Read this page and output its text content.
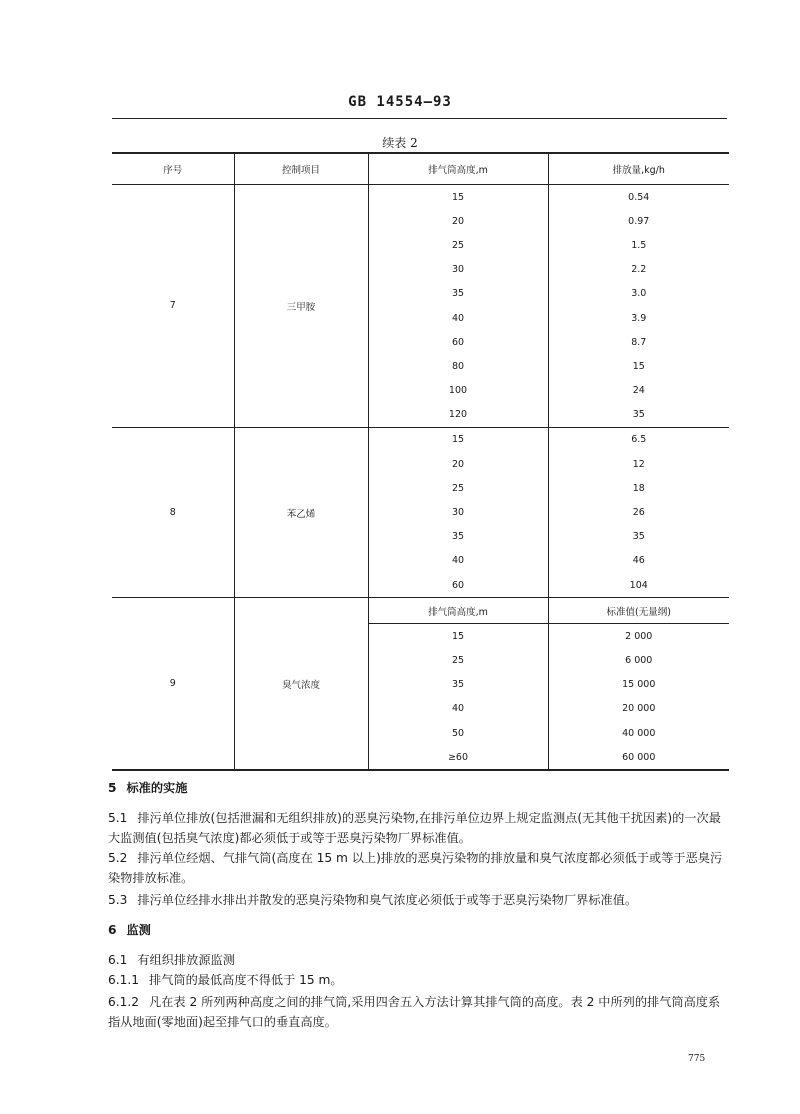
GB 14554—93
续表 2
序号	控制项目	排气筒高度,m	排放量,kg/h
7	三甲胺	15	0.54
		20	0.97
		25	1.5
		30	2.2
		35	3.0
		40	3.9
		60	8.7
		80	15
		100	24
		120	35
8	苯乙烯	15	6.5
		20	12
		25	18
		30	26
		35	35
		40	46
		60	104
9	臭气浓度	排气筒高度,m	标准值(无量纲)
		15	2 000
		25	6 000
		35	15 000
		40	20 000
		50	40 000
		≥60	60 000
5 标准的实施
5.1 排污单位排放(包括泄漏和无组织排放)的恶臭污染物,在排污单位边界上规定监测点(无其他干扰因素)的一次最大监测值(包括臭气浓度)都必须低于或等于恶臭污染物厂界标准值。
5.2 排污单位经烟、气排气筒(高度在 15 m 以上)排放的恶臭污染物的排放量和臭气浓度都必须低于或等于恶臭污染物排放标准。
5.3 排污单位经排水排出并散发的恶臭污染物和臭气浓度必须低于或等于恶臭污染物厂界标准值。
6 监测
6.1 有组织排放源监测
6.1.1 排气筒的最低高度不得低于 15 m。
6.1.2 凡在表 2 所列两种高度之间的排气筒,采用四舍五入方法计算其排气筒的高度。表 2 中所列的排气筒高度系指从地面(零地面)起至排气口的垂直高度。
775
